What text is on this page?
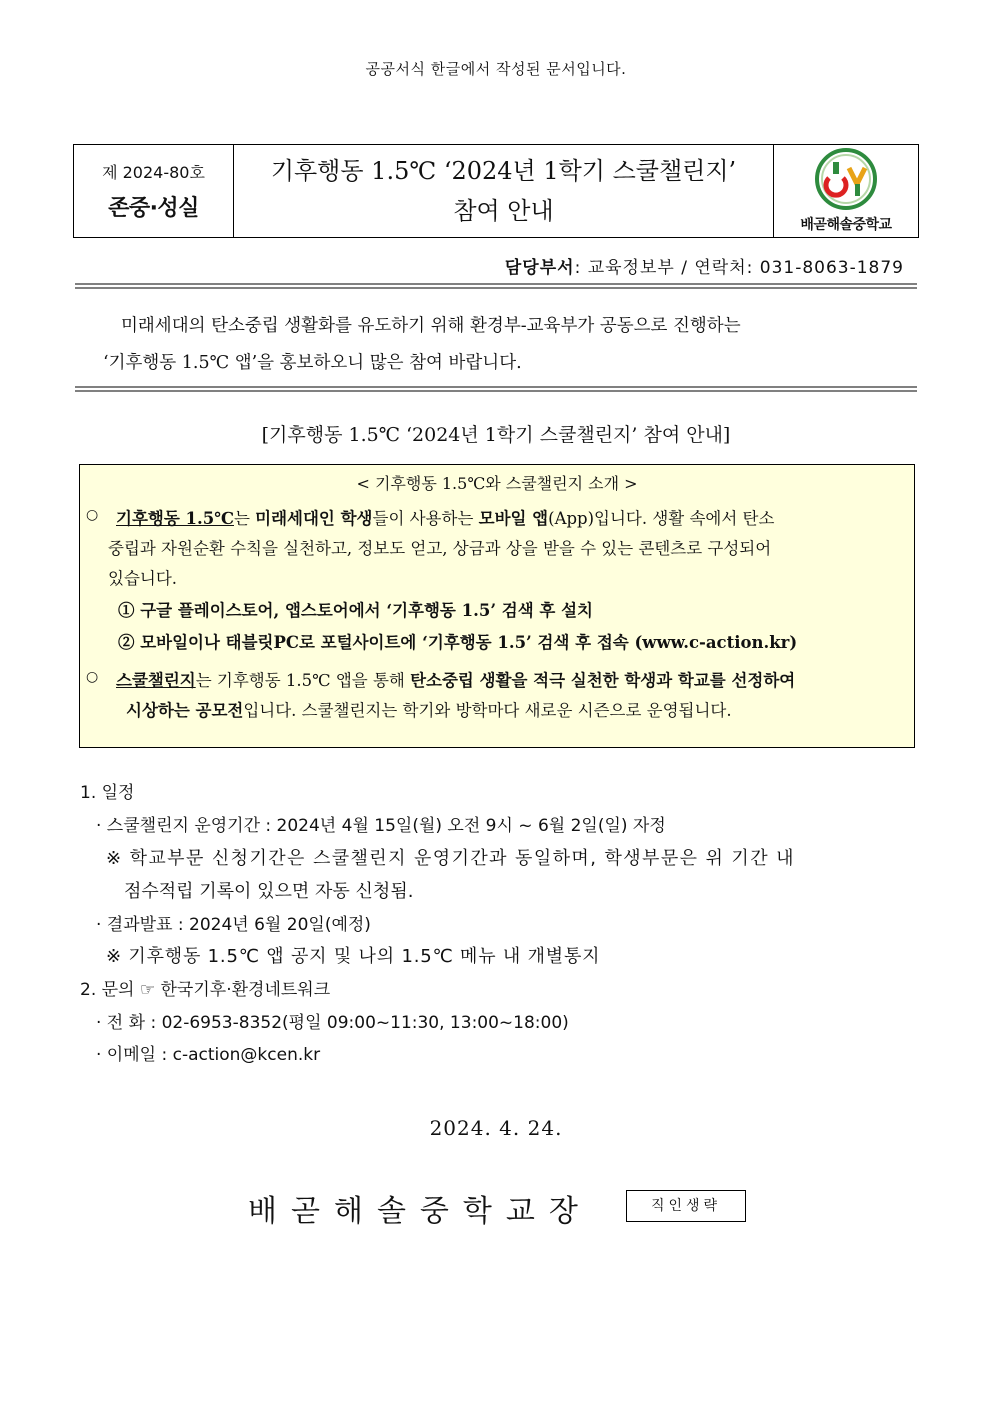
공공서식 한글에서 작성된 문서입니다.
제 2024-80호
존중·성실
기후행동 1.5℃ ‘2024년 1학기 스쿨챌린지’
참여 안내	배곧해솔중학교
담당부서: 교육정보부 / 연락처: 031-8063-1879

미래세대의 탄소중립 생활화를 유도하기 위해 환경부-교육부가 공동으로 진행하는

‘기후행동 1.5℃ 앱’을 홍보하오니 많은 참여 바랍니다.

[기후행동 1.5℃ ‘2024년 1학기 스쿨챌린지’ 참여 안내]
< 기후행동 1.5℃와 스쿨챌린지 소개 >
○ 기후행동 1.5℃는 미래세대인 학생들이 사용하는 모바일 앱(App)입니다. 생활 속에서 탄소
중립과 자원순환 수칙을 실천하고, 정보도 얻고, 상금과 상을 받을 수 있는 콘텐츠로 구성되어
있습니다.
① 구글 플레이스토어, 앱스토어에서 ‘기후행동 1.5’ 검색 후 설치
② 모바일이나 태블릿PC로 포털사이트에 ‘기후행동 1.5’ 검색 후 접속 (www.c-action.kr)
○ 스쿨챌린지는 기후행동 1.5℃ 앱을 통해 탄소중립 생활을 적극 실천한 학생과 학교를 선정하여
시상하는 공모전입니다. 스쿨챌린지는 학기와 방학마다 새로운 시즌으로 운영됩니다.
1. 일정
· 스쿨챌린지 운영기간 : 2024년 4월 15일(월) 오전 9시 ~ 6월 2일(일) 자정
※ 학교부문 신청기간은 스쿨챌린지 운영기간과 동일하며, 학생부문은 위 기간 내
점수적립 기록이 있으면 자동 신청됨.
· 결과발표 : 2024년 6월 20일(예정)
※ 기후행동 1.5℃ 앱 공지 및 나의 1.5℃ 메뉴 내 개별통지
2. 문의 ☞ 한국기후·환경네트워크
· 전 화 : 02-6953-8352(평일 09:00~11:30, 13:00~18:00)
· 이메일 : c-action@kcen.kr
2024. 4. 24.
배곧해솔중학교장	직인생략
